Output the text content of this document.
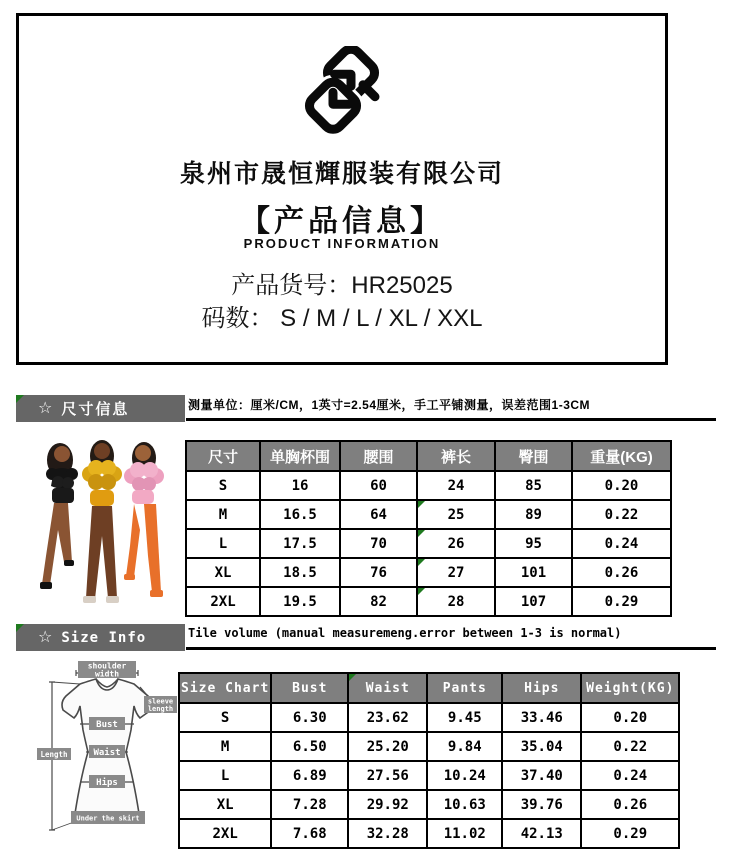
泉州市晟恒輝服装有限公司
【产品信息】
PRODUCT INFORMATION
产品货号：HR25025
码数： S / M / L / XL / XXL
☆ 尺寸信息	测量单位：厘米/CM，1英寸=2.54厘米，手工平铺测量，误差范围1-3CM
尺寸	单胸杯围	腰围	裤长	臀围	重量(KG)
S	16	60	24	85	0.20
M	16.5	64	25	89	0.22
L	17.5	70	26	95	0.24
XL	18.5	76	27	101	0.26
2XL	19.5	82	28	107	0.29
☆ Size Info	Tile volume (manual measuremeng.error between 1-3 is normal)
shoulder
width
sleeve
length
Length
Bust
Waist
Hips
Under the skirt
Size Chart	Bust	Waist	Pants	Hips	Weight(KG)
S	6.30	23.62	9.45	33.46	0.20
M	6.50	25.20	9.84	35.04	0.22
L	6.89	27.56	10.24	37.40	0.24
XL	7.28	29.92	10.63	39.76	0.26
2XL	7.68	32.28	11.02	42.13	0.29
